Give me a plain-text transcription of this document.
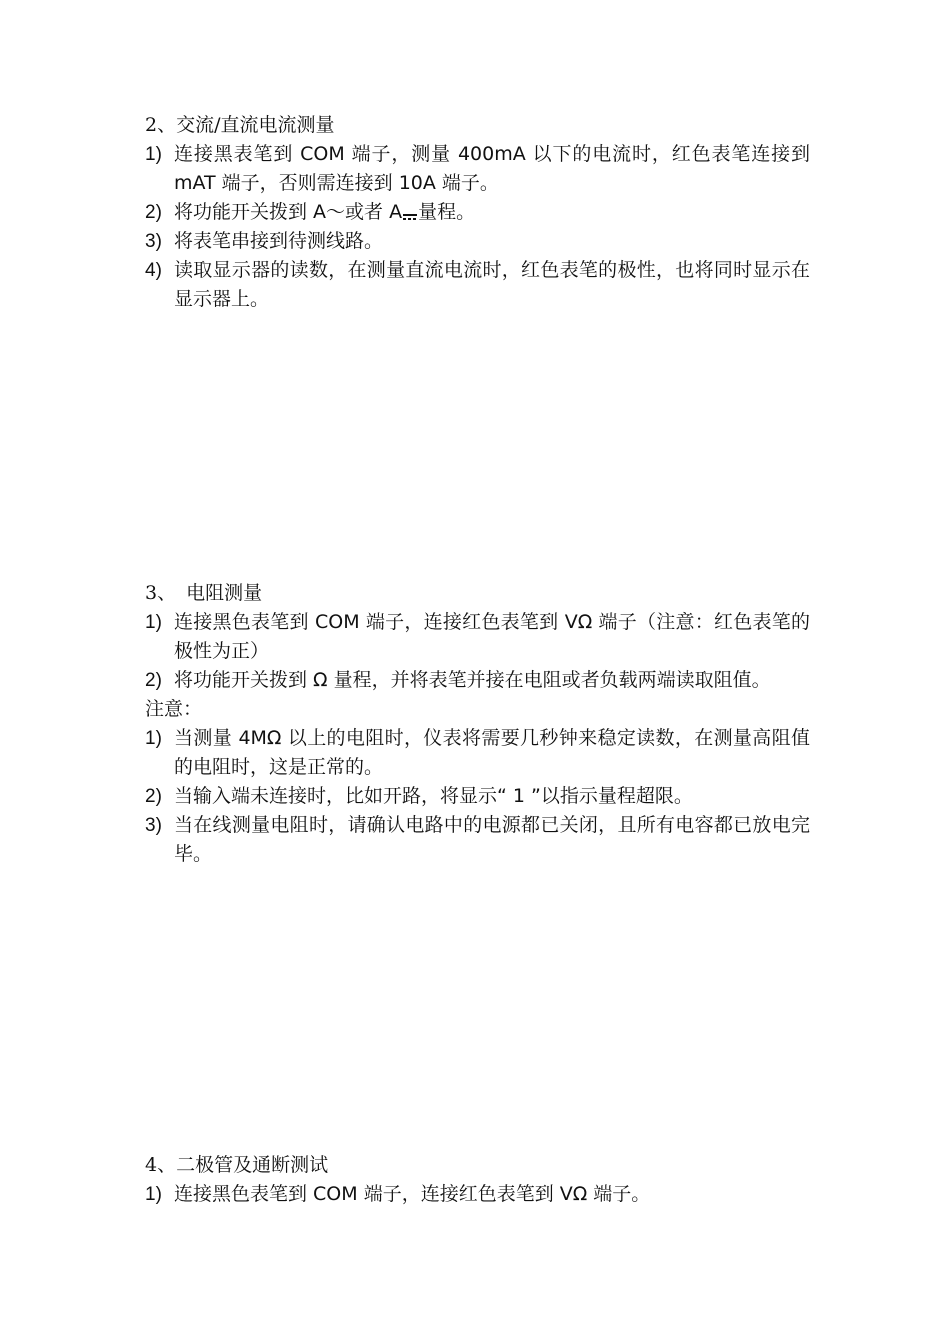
2、交流/直流电流测量
1) 连接黑表笔到 COM 端子，测量 400mA 以下的电流时，红色表笔连接到 mAT 端子，否则需连接到 10A 端子。
2) 将功能开关拨到 A～或者 A 量程。
3) 将表笔串接到待测线路。
4) 读取显示器的读数，在测量直流电流时，红色表笔的极性，也将同时显示在显示器上。
3、 电阻测量
1) 连接黑色表笔到 COM 端子，连接红色表笔到 VΩ 端子（注意：红色表笔的极性为正）
2) 将功能开关拨到 Ω 量程，并将表笔并接在电阻或者负载两端读取阻值。

注意：

1) 当测量 4MΩ 以上的电阻时，仪表将需要几秒钟来稳定读数，在测量高阻值的电阻时，这是正常的。
2) 当输入端未连接时，比如开路，将显示“ 1 ”以指示量程超限。
3) 当在线测量电阻时，请确认电路中的电源都已关闭，且所有电容都已放电完毕。
4、二极管及通断测试
1) 连接黑色表笔到 COM 端子，连接红色表笔到 VΩ 端子。
